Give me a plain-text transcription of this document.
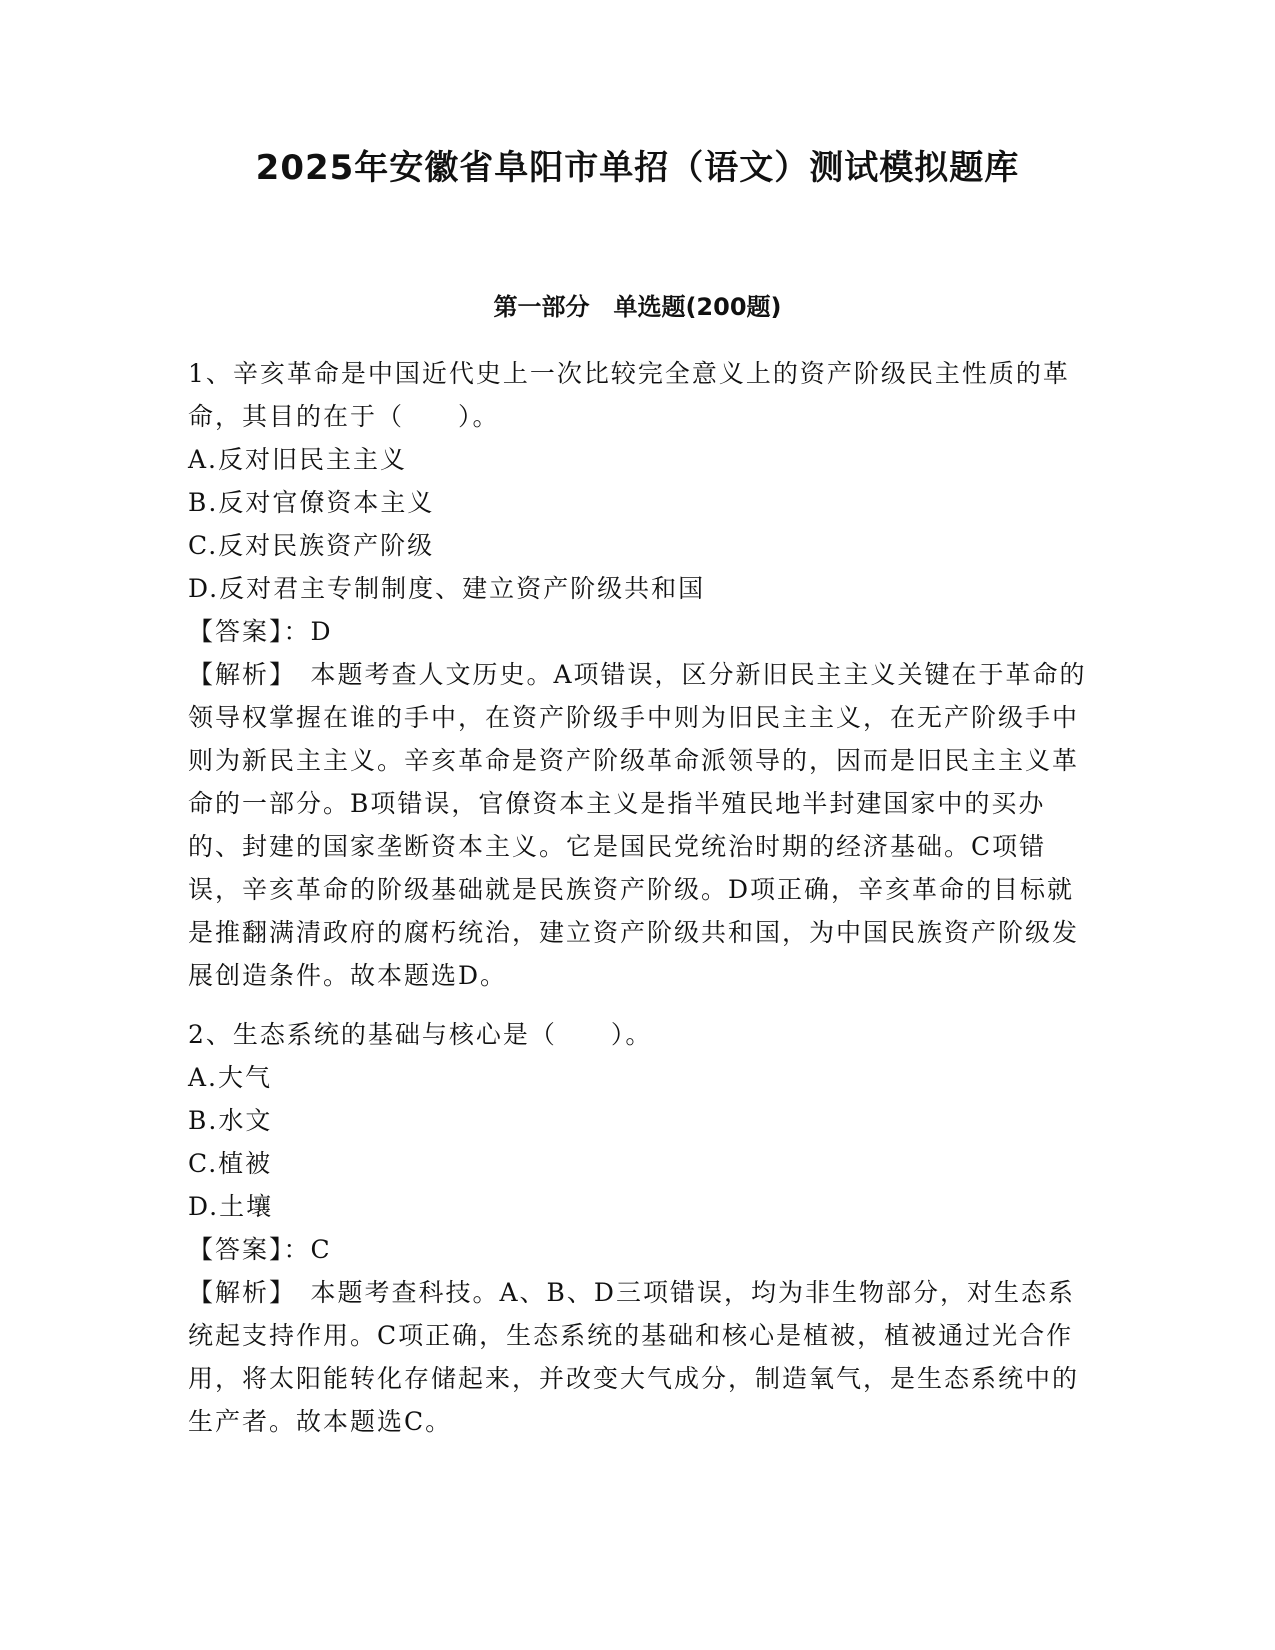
2025年安徽省阜阳市单招（语文）测试模拟题库
第一部分　单选题(200题)
1、辛亥革命是中国近代史上一次比较完全意义上的资产阶级民主性质的革命，其目的在于（　　）。
A.反对旧民主主义
B.反对官僚资本主义
C.反对民族资产阶级
D.反对君主专制制度、建立资产阶级共和国
【答案】：D
【解析】　本题考查人文历史。A项错误，区分新旧民主主义关键在于革命的领导权掌握在谁的手中，在资产阶级手中则为旧民主主义，在无产阶级手中则为新民主主义。辛亥革命是资产阶级革命派领导的，因而是旧民主主义革命的一部分。B项错误，官僚资本主义是指半殖民地半封建国家中的买办的、封建的国家垄断资本主义。它是国民党统治时期的经济基础。C项错误，辛亥革命的阶级基础就是民族资产阶级。D项正确，辛亥革命的目标就是推翻满清政府的腐朽统治，建立资产阶级共和国，为中国民族资产阶级发展创造条件。故本题选D。
2、生态系统的基础与核心是（　　）。
A.大气
B.水文
C.植被
D.土壤
【答案】：C
【解析】　本题考查科技。A、B、D三项错误，均为非生物部分，对生态系统起支持作用。C项正确，生态系统的基础和核心是植被，植被通过光合作用，将太阳能转化存储起来，并改变大气成分，制造氧气，是生态系统中的生产者。故本题选C。
